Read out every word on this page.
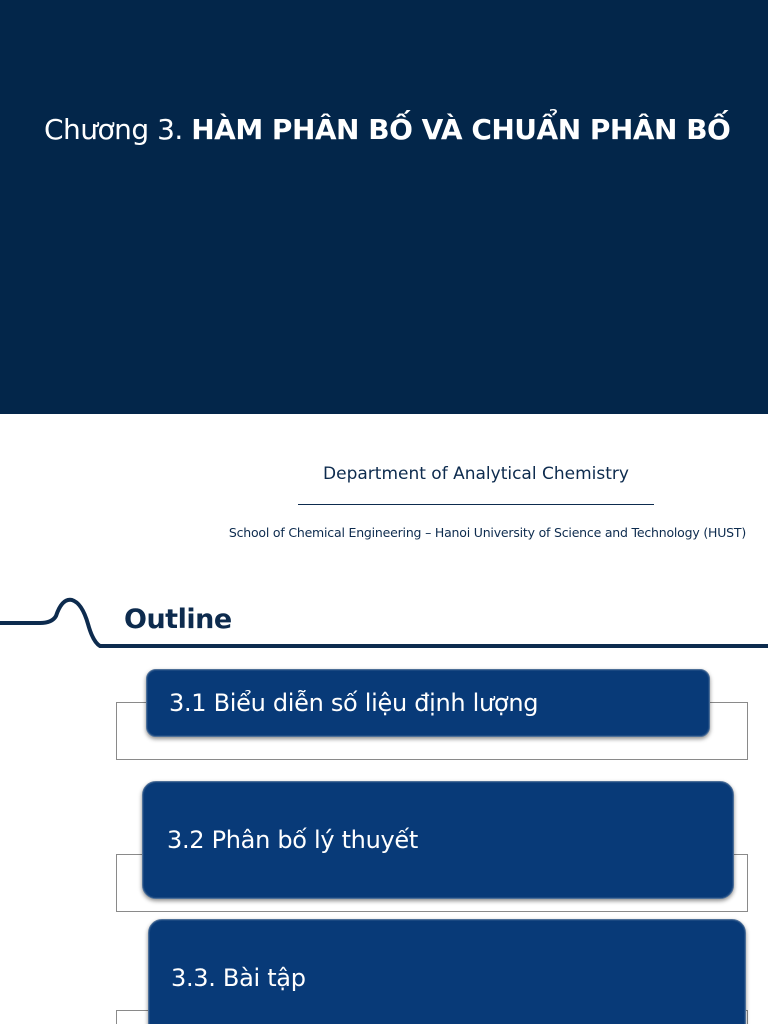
Chương 3. HÀM PHÂN BỐ VÀ CHUẨN PHÂN BỐ
Department of Analytical Chemistry
School of Chemical Engineering – Hanoi University of Science and Technology (HUST)
Outline
3.1 Biểu diễn số liệu định lượng
3.2 Phân bố lý thuyết
3.3. Bài tập
